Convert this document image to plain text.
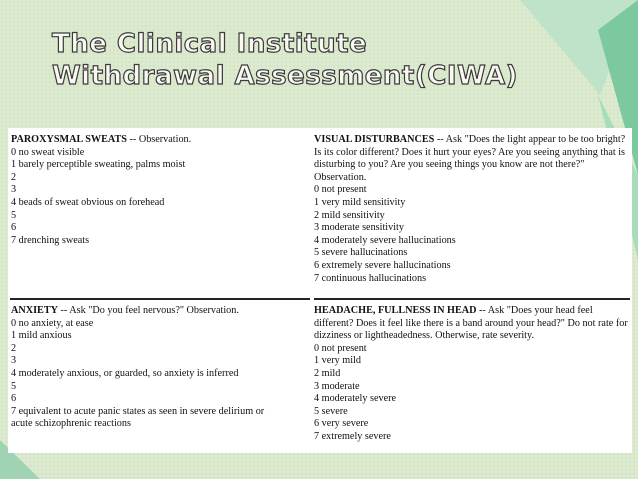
The Clinical Institute
Withdrawal Assessment(CIWA)
PAROXYSMAL SWEATS -- Observation.
0 no sweat visible
1 barely perceptible sweating, palms moist
2
3
4 beads of sweat obvious on forehead
5
6
7 drenching sweats
VISUAL DISTURBANCES -- Ask "Does the light appear to be too bright? Is its color different? Does it hurt your eyes? Are you seeing anything that is disturbing to you? Are you seeing things you know are not there?" Observation.
0 not present
1 very mild sensitivity
2 mild sensitivity
3 moderate sensitivity
4 moderately severe hallucinations
5 severe hallucinations
6 extremely severe hallucinations
7 continuous hallucinations
ANXIETY -- Ask "Do you feel nervous?" Observation.
0 no anxiety, at ease
1 mild anxious
2
3
4 moderately anxious, or guarded, so anxiety is inferred
5
6
7 equivalent to acute panic states as seen in severe delirium or
acute schizophrenic reactions
HEADACHE, FULLNESS IN HEAD -- Ask "Does your head feel different? Does it feel like there is a band around your head?" Do not rate for dizziness or lightheadedness. Otherwise, rate severity.
0 not present
1 very mild
2 mild
3 moderate
4 moderately severe
5 severe
6 very severe
7 extremely severe
